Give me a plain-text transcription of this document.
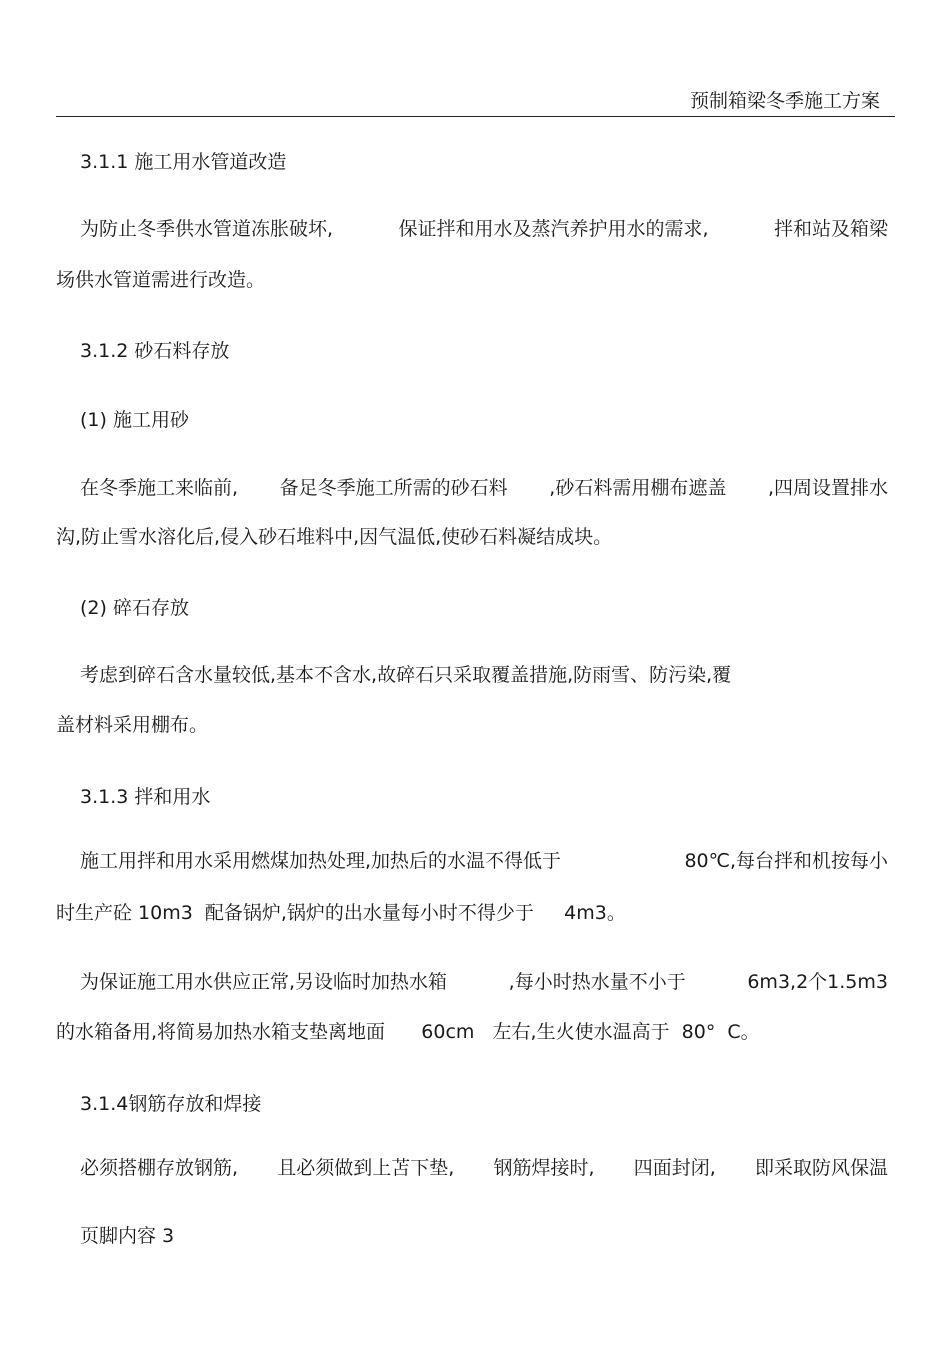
预制箱梁冬季施工方案
3.1.1 施工用水管道改造
为防止冬季供水管道冻胀破坏,	保证拌和用水及蒸汽养护用水的需求,	拌和站及箱梁
场供水管道需进行改造。
3.1.2 砂石料存放
(1) 施工用砂
在冬季施工来临前, 备足冬季施工所需的砂石料 ,砂石料需用棚布遮盖 ,四周设置排水
沟,防止雪水溶化后,侵入砂石堆料中,因气温低,使砂石料凝结成块。
(2) 碎石存放
考虑到碎石含水量较低,基本不含水,故碎石只采取覆盖措施,防雨雪、防污染,覆
盖材料采用棚布。
3.1.3 拌和用水
施工用拌和用水采用燃煤加热处理,加热后的水温不得低于	80℃,每台拌和机按每小
时生产砼 10m3  配备锅炉,锅炉的出水量每小时不得少于     4m3。
为保证施工用水供应正常,另设临时加热水箱	,每小时热水量不小于	6m3,2个1.5m3
的水箱备用,将简易加热水箱支垫离地面      60cm   左右,生火使水温高于  80°  C。
3.1.4钢筋存放和焊接
必须搭棚存放钢筋, 且必须做到上苫下垫, 钢筋焊接时, 四面封闭, 即采取防风保温
页脚内容 3
